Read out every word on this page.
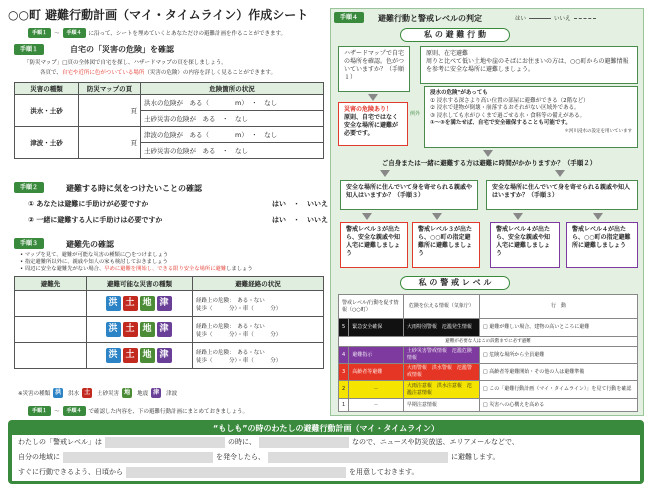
○○町 避難行動計画（マイ・タイムライン）作成シート
手順１	〜	手順４	に沿って、シートを埋めていくとあなただけの避難計画を作ることができます。
手順１	自宅の「災害の危険」を確認
「防災マップ」□頁の全体図で自宅を探し、ハザードマップの頁を探しましょう。
各頁で、自宅や近所に色がついている場所（災害の危険）の内容を詳しく見ることができます。
災害の種類	防災マップの頁	危険箇所の状況
洪水・土砂	頁	洪水の危険が　 ある（　　　　m）　・　なし
		土砂災害の危険が　 ある　・　なし
津波・土砂	頁	津波の危険が　 ある（　　　　m）　・　なし
		土砂災害の危険が　 ある　・　なし
手順２	避難する時に気をつけたいことの確認
① あなたは避難に手助けが必要ですか	はい　・　いいえ
② 一緒に避難する人に手助けは必要ですか	はい　・　いいえ
手順３	避難先の確認
• マップを見て、避難が可能な災害の種類に◯をつけましょう
• 指定避難所以外に、親戚や知人の家も検討しておきましょう
• 周辺に安全な避難先がない場合、早めに避難を開始し、できる限り安全な場所に避難しましょう
避難先	避難可能な災害の種類	避難経路の状況
	洪 土 地 津	経路上の危険：　ある・ない
徒歩（　　　分）・車（　　　分）

	洪 土 地 津	経路上の危険：　ある・ない
徒歩（　　　分）・車（　　　分）

	洪 土 地 津	経路上の危険：　ある・ない
徒歩（　　　分）・車（　　　分）
※災害の種類 洪	洪水 土	土砂災害 地	地震 津	津波
手順１	〜	手順４	で確認した内容を、下の避難行動計画にまとめておきましょう。
手順４	避難行動と警戒レベルの判定	はい	いいえ
私 の 避 難 行 動
ハザードマップで自宅の場所を確認。色がついていますか？（手順１）
原則、在宅避難
周りと比べて低い土地や崖のそばにお住まいの方は、○○町からの避難情報を参考に安全な場所に避難しましょう。
災害の危険あり！
原則、自宅ではなく安全な場所に避難が必要です。
例外
浸水の危険"があっても
① 浸水する深さより高い位置の部屋に避難ができる（2階など）
② 浸水で建物が倒壊・崩落するおそれがない区域外である。
③ 浸水しても水がひくまで過ごせる水・食料等の備えがある。
①〜③を満たせば、自宅で安全確保することも可能です。
＊河川浸水の設定を用いています
ご自身または一緒に避難する方は避難に時間がかかりますか？（手順２）
安全な場所に住んでいて身を寄せられる親戚や知人はいますか？（手順３）
安全な場所に住んでいて身を寄せられる親戚や知人はいますか？（手順３）
警戒レベル３が出たら、安全な親戚や知人宅に避難しましょう
警戒レベル３が出たら、○○町の指定避難所に避難しましょう
警戒レベル４が出たら、安全な親戚や知人宅に避難しましょう
警戒レベル４が出たら、○○町の指定避難所に避難しましょう
私 の 警 戒 レ ベ ル
警戒レベル/行動を促す情報（○○町）		危険を伝える情報（気象庁）	行　動
5	緊急安全確保	大雨特別警報　氾濫発生情報	□ 避難が難しい場合、建物の高いところに避難
避難が必要な人はこの段階までに必ず避難			
4	避難指示	土砂災害警戒情報　氾濫危険情報	□ 危険な場所から全員避難
3	高齢者等避難	大雨警報　洪水警報　氾濫警戒情報	□ 高齢者等避難開始・その他の人は避難準備
2	－	大雨注意報　洪水注意報　氾濫注意情報	□ この「避難行動計画（マイ・タイムライン）」を見て行動を確認
1	－	早期注意情報	□ 災害への心構えを高める
“もしも”の時のわたしの避難行動計画（マイ・タイムライン）
わたしの「警戒レベル」は	の時に、	なので、ニュースや防災放送、エリアメールなどで、
自分の地域に	を発令したら、	に避難します。
すぐに行動できるよう、日頃から	を用意しておきます。
